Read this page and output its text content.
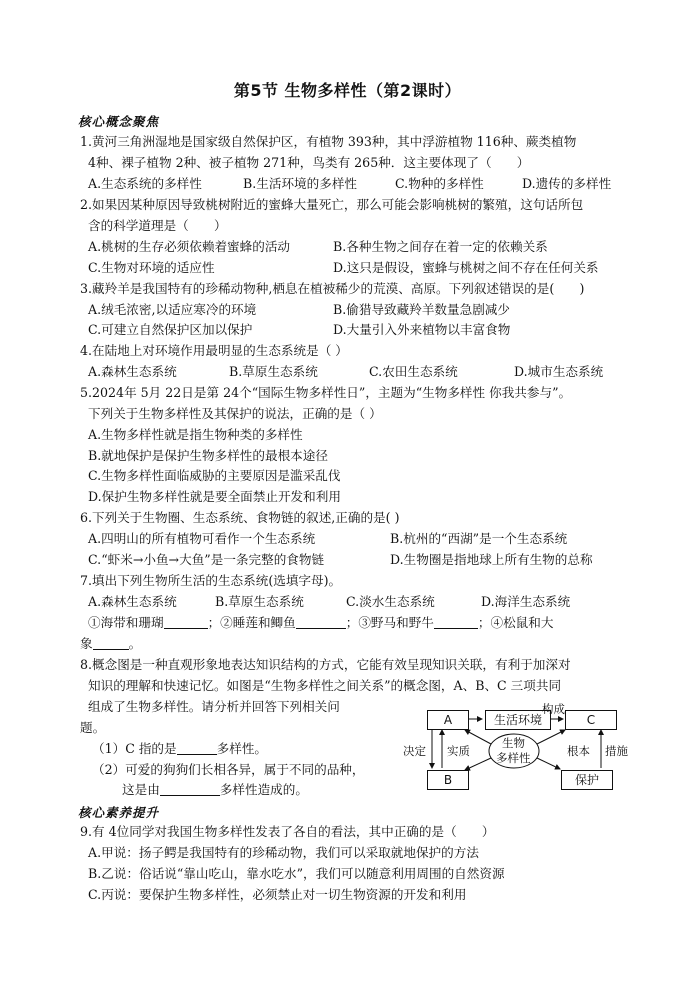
第5节 生物多样性（第2课时）
核心概念聚焦
1.黄河三角洲湿地是国家级自然保护区，有植物 393种，其中浮游植物 116种、蕨类植物
4种、裸子植物 2种、被子植物 271种，鸟类有 265种．这主要体现了（　　）
A.生态系统的多样性	B.生活环境的多样性	C.物种的多样性	D.遗传的多样性
2.如果因某种原因导致桃树附近的蜜蜂大量死亡，那么可能会影响桃树的繁殖，这句话所包
含的科学道理是（　　）
A.桃树的生存必须依赖着蜜蜂的活动	B.各种生物之间存在着一定的依赖关系
C.生物对环境的适应性	D.这只是假设，蜜蜂与桃树之间不存在任何关系
3.藏羚羊是我国特有的珍稀动物种,栖息在植被稀少的荒漠、高原。下列叙述错误的是(　　)
A.绒毛浓密,以适应寒冷的环境	B.偷猎导致藏羚羊数量急剧减少
C.可建立自然保护区加以保护	D.大量引入外来植物以丰富食物
4.在陆地上对环境作用最明显的生态系统是（ ）
A.森林生态系统	B.草原生态系统	C.农田生态系统	D.城市生态系统
5.2024年 5月 22日是第 24个“国际生物多样性日”，主题为“生物多样性 你我共参与”。
下列关于生物多样性及其保护的说法，正确的是（ ）
A.生物多样性就是指生物种类的多样性
B.就地保护是保护生物多样性的最根本途径
C.生物多样性面临威胁的主要原因是滥采乱伐
D.保护生物多样性就是要全面禁止开发和利用
6.下列关于生物圈、生态系统、食物链的叙述,正确的是( )
A.四明山的所有植物可看作一个生态系统	B.杭州的“西湖”是一个生态系统
C.“虾米→小鱼→大鱼”是一条完整的食物链	D.生物圈是指地球上所有生物的总称
7.填出下列生物所生活的生态系统(选填字母)。
A.森林生态系统	B.草原生态系统	C.淡水生态系统	D.海洋生态系统
①海带和珊瑚	；②睡莲和鲫鱼	；③野马和野牛	；④松鼠和大
象	。
8.概念图是一种直观形象地表达知识结构的方式，它能有效呈现知识关联，有利于加深对
知识的理解和快速记忆。如图是“生物多样性之间关系”的概念图，A、B、C 三项共同
组成了生物多样性。请分析并回答下列相关问
题。
（1）C 指的是	多样性。
（2）可爱的狗狗们长相各异，属于不同的品种，
这是由	多样性造成的。
A	生活环境	C
B	保护
生物
多样性
构成
决定 实质	根本 措施
核心素养提升
9.有 4位同学对我国生物多样性发表了各自的看法，其中正确的是（　　）
A.甲说：扬子鳄是我国特有的珍稀动物，我们可以采取就地保护的方法
B.乙说：俗话说“靠山吃山，靠水吃水”，我们可以随意利用周围的自然资源
C.丙说：要保护生物多样性，必须禁止对一切生物资源的开发和利用
